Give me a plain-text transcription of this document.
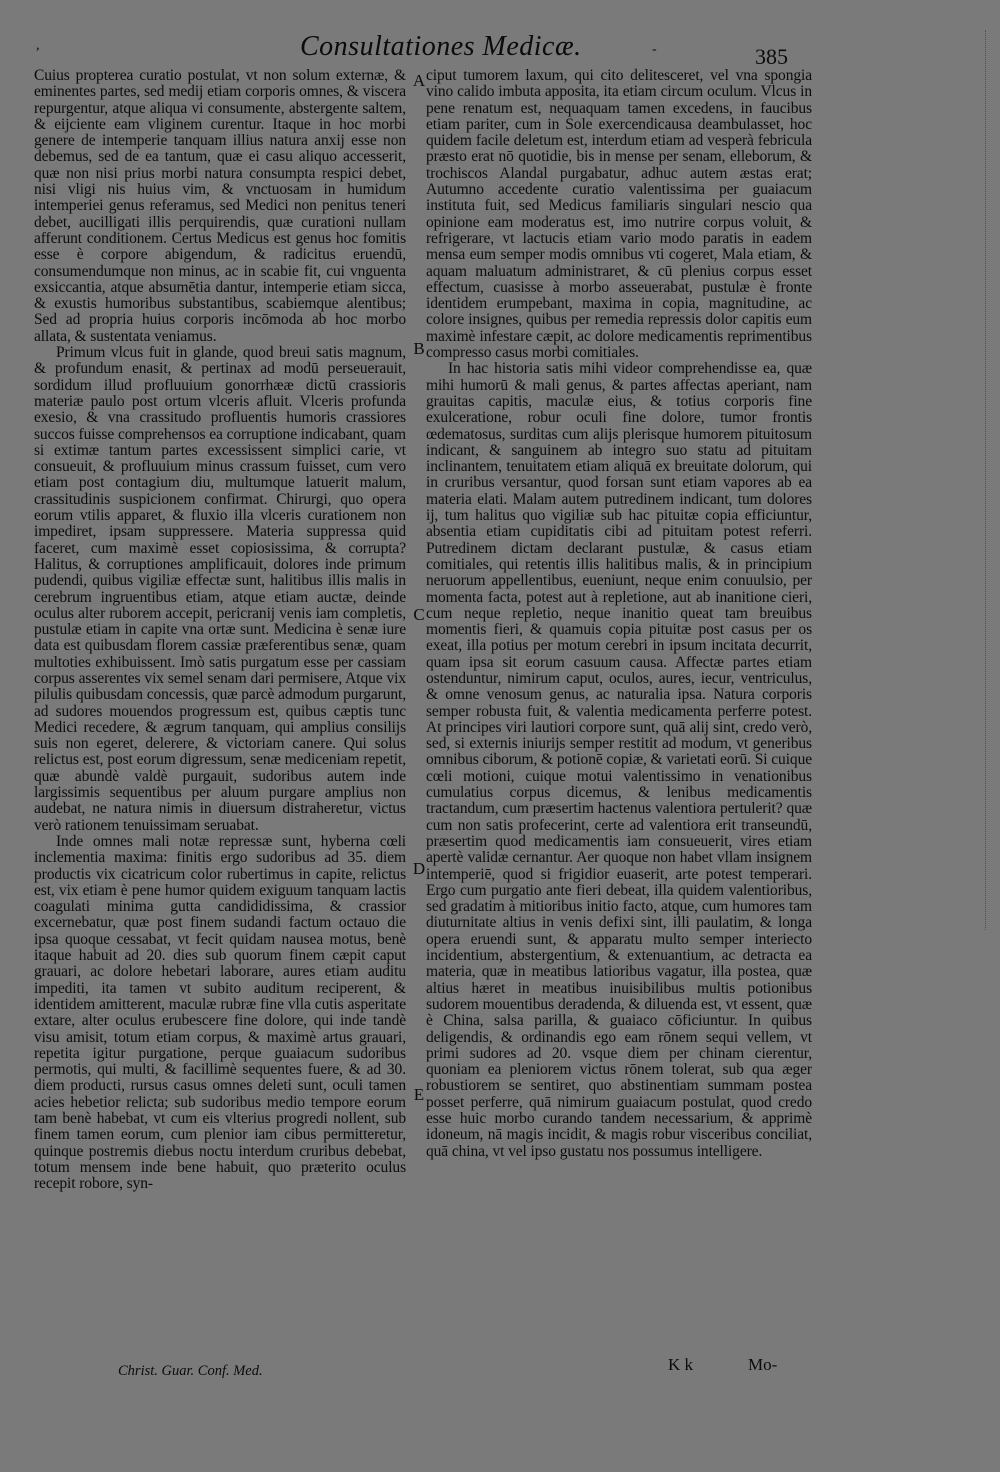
,	-
Consultationes Medicæ.	385

Cuius propterea curatio postulat, vt non solum externæ, & eminentes partes, sed medij etiam corporis omnes, & viscera repurgentur, atque aliqua vi consumente, abstergente saltem, & eijciente eam vliginem curentur. Itaque in hoc morbi genere de intemperie tanquam illius natura anxij esse non debemus, sed de ea tantum, quæ ei casu aliquo accesserit, quæ non nisi prius morbi natura consumpta respici debet, nisi vligi nis huius vim, & vnctuosam in humidum intemperiei genus referamus, sed Medici non penitus teneri debet, aucilligati illis perquirendis, quæ curationi nullam afferunt conditionem. Certus Medicus est genus hoc fomitis esse è corpore abigendum, & radicitus eruendū, consumendumque non minus, ac in scabie fit, cui vnguenta exsiccantia, atque absumētia dantur, intemperie etiam sicca, & exustis humoribus substantibus, scabiemque alentibus; Sed ad propria huius corporis incōmoda ab hoc morbo allata, & sustentata veniamus.

Primum vlcus fuit in glande, quod breui satis magnum, & profundum enasit, & pertinax ad modū perseuerauit, sordidum illud profluuium gonorrhææ dictū crassioris materiæ paulo post ortum vlceris afluit. Vlceris profunda exesio, & vna crassitudo profluentis humoris crassiores succos fuisse comprehensos ea corruptione indicabant, quam si extimæ tantum partes excessissent simplici carie, vt consueuit, & profluuium minus crassum fuisset, cum vero etiam post contagium diu, multumque latuerit malum, crassitudinis suspicionem confirmat. Chirurgi, quo opera eorum vtilis apparet, & fluxio illa vlceris curationem non impediret, ipsam suppressere. Materia suppressa quid faceret, cum maximè esset copiosissima, & corrupta? Halitus, & corruptiones amplificauit, dolores inde primum pudendi, quibus vigiliæ effectæ sunt, halitibus illis malis in cerebrum ingruentibus etiam, atque etiam auctæ, deinde oculus alter ruborem accepit, pericranij venis iam completis, pustulæ etiam in capite vna ortæ sunt. Medicina è senæ iure data est quibusdam florem cassiæ præferentibus senæ, quam multoties exhibuissent. Imò satis purgatum esse per cassiam corpus asserentes vix semel senam dari permisere, Atque vix pilulis quibusdam concessis, quæ parcè admodum purgarunt, ad sudores mouendos progressum est, quibus cæptis tunc Medici recedere, & ægrum tanquam, qui amplius consilijs suis non egeret, delerere, & victoriam canere. Qui solus relictus est, post eorum digressum, senæ mediceniam repetit, quæ abundè valdè purgauit, sudoribus autem inde largissimis sequentibus per aluum purgare amplius non audebat, ne natura nimis in diuersum distraheretur, victus verò rationem tenuissimam seruabat.

Inde omnes mali notæ repressæ sunt, hyberna cœli inclementia maxima: finitis ergo sudoribus ad 35. diem productis vix cicatricum color rubertimus in capite, relictus est, vix etiam è pene humor quidem exiguum tanquam lactis coagulati minima gutta candididissima, & crassior excernebatur, quæ post finem sudandi factum octauo die ipsa quoque cessabat, vt fecit quidam nausea motus, benè itaque habuit ad 20. dies sub quorum finem cæpit caput grauari, ac dolore hebetari laborare, aures etiam auditu impediti, ita tamen vt subito auditum reciperent, & identidem amitterent, maculæ rubræ fine vlla cutis asperitate extare, alter oculus erubescere fine dolore, qui inde tandè visu amisit, totum etiam corpus, & maximè artus grauari, repetita igitur purgatione, perque guaiacum sudoribus permotis, qui multi, & facillimè sequentes fuere, & ad 30. diem producti, rursus casus omnes deleti sunt, oculi tamen acies hebetior relicta; sub sudoribus medio tempore eorum tam benè habebat, vt cum eis vlterius progredi nollent, sub finem tamen eorum, cum plenior iam cibus permitteretur, quinque postremis diebus noctu interdum cruribus debebat, totum mensem inde bene habuit, quo præterito oculus recepit robore, syn-

A
B
C
D
E

ciput tumorem laxum, qui cito delitesceret, vel vna spongia vino calido imbuta apposita, ita etiam circum oculum. Vlcus in pene renatum est, nequaquam tamen excedens, in faucibus etiam pariter, cum in Sole exercendicausa deambulasset, hoc quidem facile deletum est, interdum etiam ad vesperà febricula præsto erat nō quotidie, bis in mense per senam, elleborum, & trochiscos Alandal purgabatur, adhuc autem æstas erat; Autumno accedente curatio valentissima per guaiacum instituta fuit, sed Medicus familiaris singulari nescio qua opinione eam moderatus est, imo nutrire corpus voluit, & refrigerare, vt lactucis etiam vario modo paratis in eadem mensa eum semper modis omnibus vti cogeret, Mala etiam, & aquam maluatum administraret, & cū plenius corpus esset effectum, cuasisse à morbo asseuerabat, pustulæ è fronte identidem erumpebant, maxima in copia, magnitudine, ac colore insignes, quibus per remedia repressis dolor capitis eum maximè infestare cæpit, ac dolore medicamentis reprimentibus compresso casus morbi comitiales.

In hac historia satis mihi videor comprehendisse ea, quæ mihi humorū & mali genus, & partes affectas aperiant, nam grauitas capitis, maculæ eius, & totius corporis fine exulceratione, robur oculi fine dolore, tumor frontis œdematosus, surditas cum alijs plerisque humorem pituitosum indicant, & sanguinem ab integro suo statu ad pituitam inclinantem, tenuitatem etiam aliquā ex breuitate dolorum, qui in cruribus versantur, quod forsan sunt etiam vapores ab ea materia elati. Malam autem putredinem indicant, tum dolores ij, tum halitus quo vigiliæ sub hac pituitæ copia efficiuntur, absentia etiam cupiditatis cibi ad pituitam potest referri. Putredinem dictam declarant pustulæ, & casus etiam comitiales, qui retentis illis halitibus malis, & in principium neruorum appellentibus, eueniunt, neque enim conuulsio, per momenta facta, potest aut à repletione, aut ab inanitione cieri, cum neque repletio, neque inanitio queat tam breuibus momentis fieri, & quamuis copia pituitæ post casus per os exeat, illa potius per motum cerebri in ipsum incitata decurrit, quam ipsa sit eorum casuum causa. Affectæ partes etiam ostenduntur, nimirum caput, oculos, aures, iecur, ventriculus, & omne venosum genus, ac naturalia ipsa. Natura corporis semper robusta fuit, & valentia medicamenta perferre potest. At principes viri lautiori corpore sunt, quā alij sint, credo verò, sed, si externis iniurijs semper restitit ad modum, vt generibus omnibus ciborum, & potionē copiæ, & varietati eorū. Si cuique cœli motioni, cuique motui valentissimo in venationibus cumulatius corpus dicemus, & lenibus medicamentis tractandum, cum præsertim hactenus valentiora pertulerit? quæ cum non satis profecerint, certe ad valentiora erit transeundū, præsertim quod medicamentis iam consueuerit, vires etiam apertè validæ cernantur. Aer quoque non habet vllam insignem intemperiē, quod si frigidior euaserit, arte potest temperari. Ergo cum purgatio ante fieri debeat, illa quidem valentioribus, sed gradatim à mitioribus initio facto, atque, cum humores tam diuturnitate altius in venis defixi sint, illi paulatim, & longa opera eruendi sunt, & apparatu multo semper interiecto incidentium, abstergentium, & extenuantium, ac detracta ea materia, quæ in meatibus latioribus vagatur, illa postea, quæ altius hæret in meatibus inuisibilibus multis potionibus sudorem mouentibus deradenda, & diluenda est, vt essent, quæ è China, salsa parilla, & guaiaco cōficiuntur. In quibus deligendis, & ordinandis ego eam rōnem sequi vellem, vt primi sudores ad 20. vsque diem per chinam cierentur, quoniam ea pleniorem victus rōnem tolerat, sub qua æger robustiorem se sentiret, quo abstinentiam summam postea posset perferre, quā nimirum guaiacum postulat, quod credo esse huic morbo curando tandem necessarium, & apprimè idoneum, nā magis incidit, & magis robur visceribus conciliat, quā china, vt vel ipso gustatu nos possumus intelligere.

Christ. Guar. Conf. Med.	K k	Mo-
